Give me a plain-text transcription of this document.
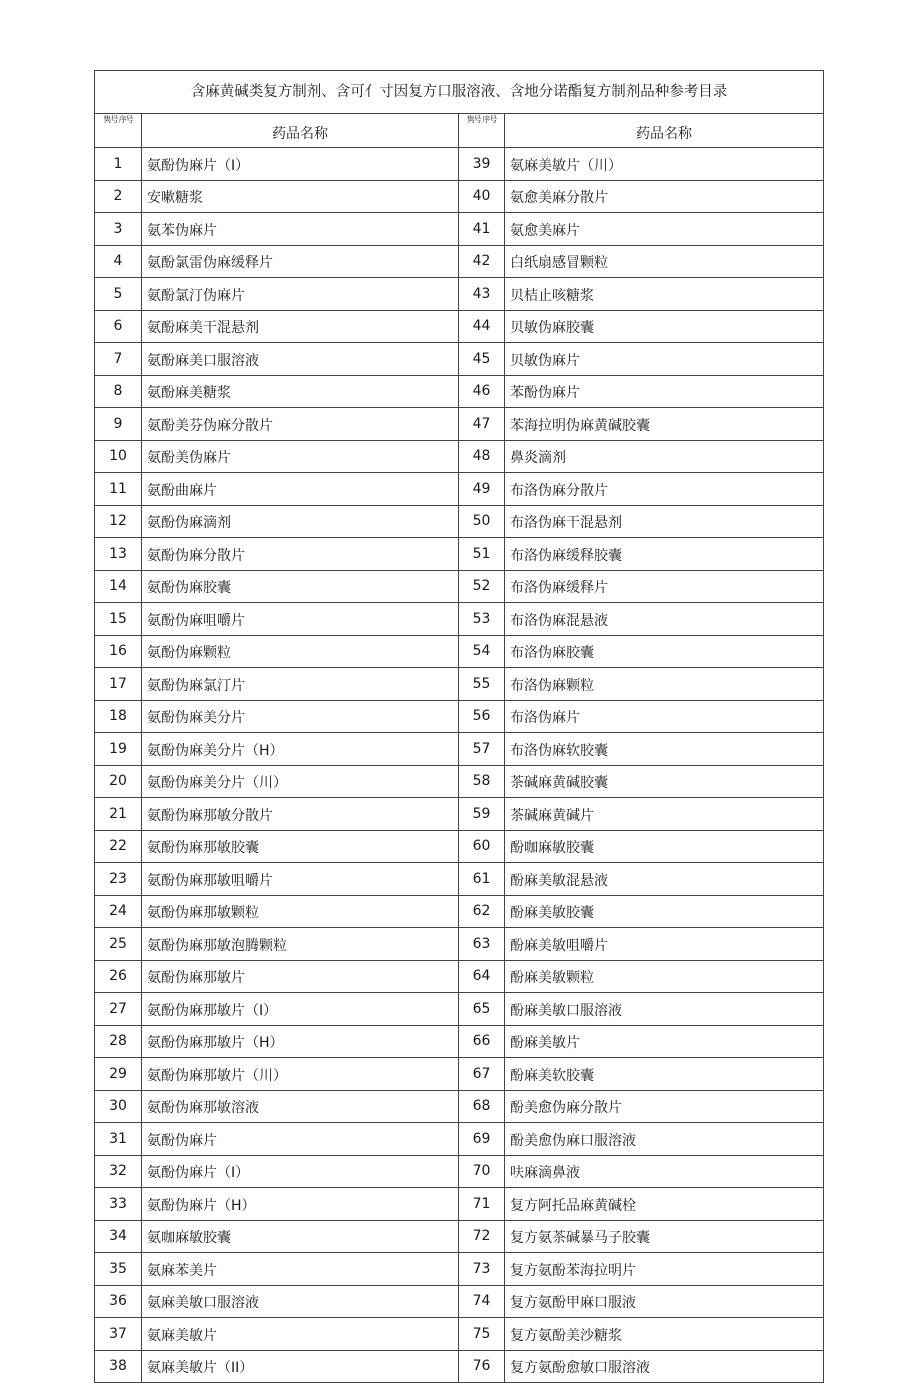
含麻黄碱类复方制剂、含可亻寸因复方口服溶液、含地分诺酯复方制剂品种参考目录			
隽号 序号	药品名称	隽号 序号	药品名称
1	氨酚伪麻片（I）	39	氨麻美敏片（川）
2	安嗽糖浆	40	氨愈美麻分散片
3	氨苯伪麻片	41	氨愈美麻片
4	氨酚氯雷伪麻缓释片	42	白纸扇感冒颗粒
5	氨酚氯汀伪麻片	43	贝桔止咳糖浆
6	氨酚麻美干混悬剂	44	贝敏伪麻胶囊
7	氨酚麻美口服溶液	45	贝敏伪麻片
8	氨酚麻美糖浆	46	苯酚伪麻片
9	氨酚美芬伪麻分散片	47	苯海拉明伪麻黄碱胶囊
10	氨酚美伪麻片	48	鼻炎滴剂
11	氨酚曲麻片	49	布洛伪麻分散片
12	氨酚伪麻滴剂	50	布洛伪麻干混悬剂
13	氨酚伪麻分散片	51	布洛伪麻缓释胶囊
14	氨酚伪麻胶囊	52	布洛伪麻缓释片
15	氨酚伪麻咀嚼片	53	布洛伪麻混悬液
16	氨酚伪麻颗粒	54	布洛伪麻胶囊
17	氨酚伪麻氯汀片	55	布洛伪麻颗粒
18	氨酚伪麻美分片	56	布洛伪麻片
19	氨酚伪麻美分片（H）	57	布洛伪麻软胶囊
20	氨酚伪麻美分片（川）	58	茶碱麻黄碱胶囊
21	氨酚伪麻那敏分散片	59	茶碱麻黄碱片
22	氨酚伪麻那敏胶囊	60	酚咖麻敏胶囊
23	氨酚伪麻那敏咀嚼片	61	酚麻美敏混悬液
24	氨酚伪麻那敏颗粒	62	酚麻美敏胶囊
25	氨酚伪麻那敏泡腾颗粒	63	酚麻美敏咀嚼片
26	氨酚伪麻那敏片	64	酚麻美敏颗粒
27	氨酚伪麻那敏片（I）	65	酚麻美敏口服溶液
28	氨酚伪麻那敏片（H）	66	酚麻美敏片
29	氨酚伪麻那敏片（川）	67	酚麻美软胶囊
30	氨酚伪麻那敏溶液	68	酚美愈伪麻分散片
31	氨酚伪麻片	69	酚美愈伪麻口服溶液
32	氨酚伪麻片（I）	70	呋麻滴鼻液
33	氨酚伪麻片（H）	71	复方阿托品麻黄碱栓
34	氨咖麻敏胶囊	72	复方氨茶碱暴马子胶囊
35	氨麻苯美片	73	复方氨酚苯海拉明片
36	氨麻美敏口服溶液	74	复方氨酚甲麻口服液
37	氨麻美敏片	75	复方氨酚美沙糖浆
38	氨麻美敏片（II）	76	复方氨酚愈敏口服溶液
